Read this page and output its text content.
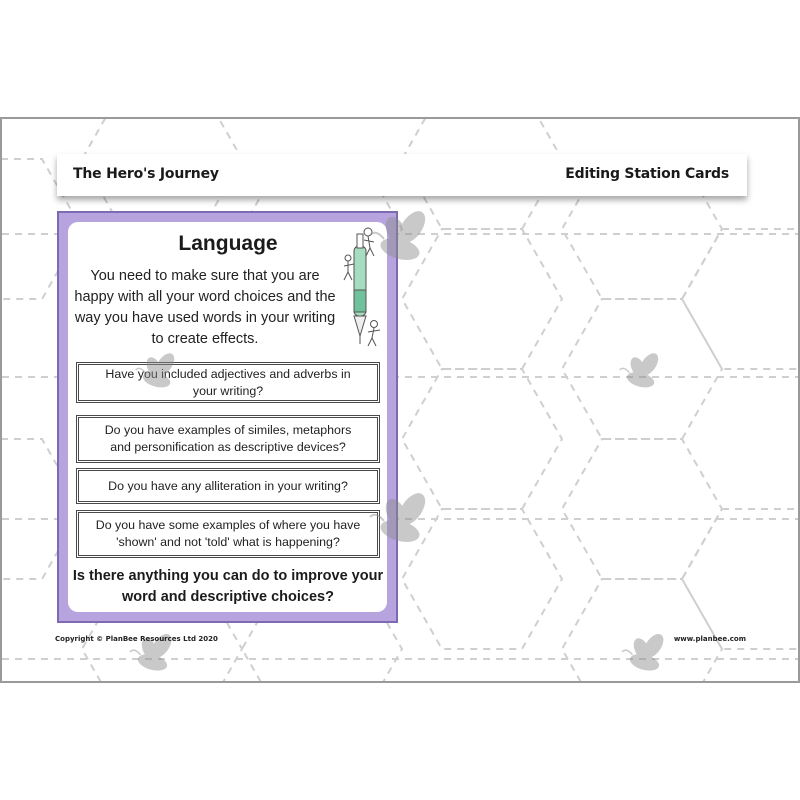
The Hero's Journey	Editing Station Cards
Language
You need to make sure that you are happy with all your word choices and the way you have used words in your writing to create effects.
Have you included adjectives and adverbs in your writing?
Do you have examples of similes, metaphors and personification as descriptive devices?
Do you have any alliteration in your writing?
Do you have some examples of where you have 'shown' and not 'told' what is happening?
Is there anything you can do to improve your word and descriptive choices?
Copyright © PlanBee Resources Ltd 2020	www.planbee.com
